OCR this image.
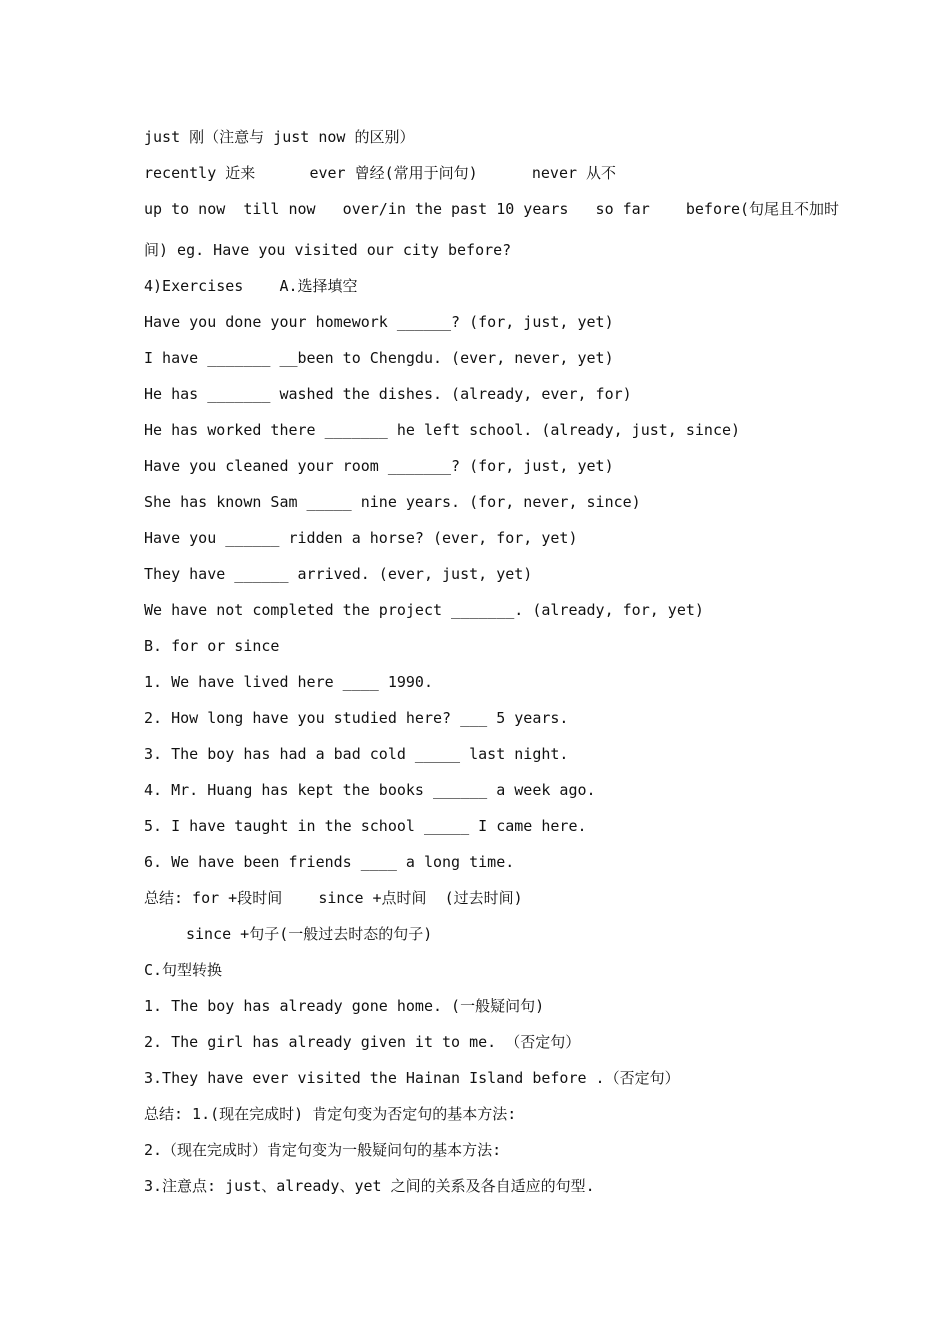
just 刚（注意与 just now 的区别）
recently 近来      ever 曾经(常用于问句)      never 从不
up to now  till now   over/in the past 10 years   so far    before(句尾且不加时
间) eg. Have you visited our city before?
4)Exercises    A.选择填空
Have you done your homework ______? (for, just, yet)
I have _______ __been to Chengdu. (ever, never, yet)
He has _______ washed the dishes. (already, ever, for)
He has worked there _______ he left school. (already, just, since)
Have you cleaned your room _______? (for, just, yet)
She has known Sam _____ nine years. (for, never, since)
Have you ______ ridden a horse? (ever, for, yet)
They have ______ arrived. (ever, just, yet)
We have not completed the project _______. (already, for, yet)
B. for or since
1. We have lived here ____ 1990.
2. How long have you studied here? ___ 5 years.
3. The boy has had a bad cold _____ last night.
4. Mr. Huang has kept the books ______ a week ago.
5. I have taught in the school _____ I came here.
6. We have been friends ____ a long time.
总结: for +段时间    since +点时间  (过去时间)
since +句子(一般过去时态的句子)
C.句型转换
1. The boy has already gone home. (一般疑问句)
2. The girl has already given it to me. （否定句）
3.They have ever visited the Hainan Island before .（否定句）
总结: 1.(现在完成时) 肯定句变为否定句的基本方法:
2.（现在完成时）肯定句变为一般疑问句的基本方法:
3.注意点: just、already、yet 之间的关系及各自适应的句型.
